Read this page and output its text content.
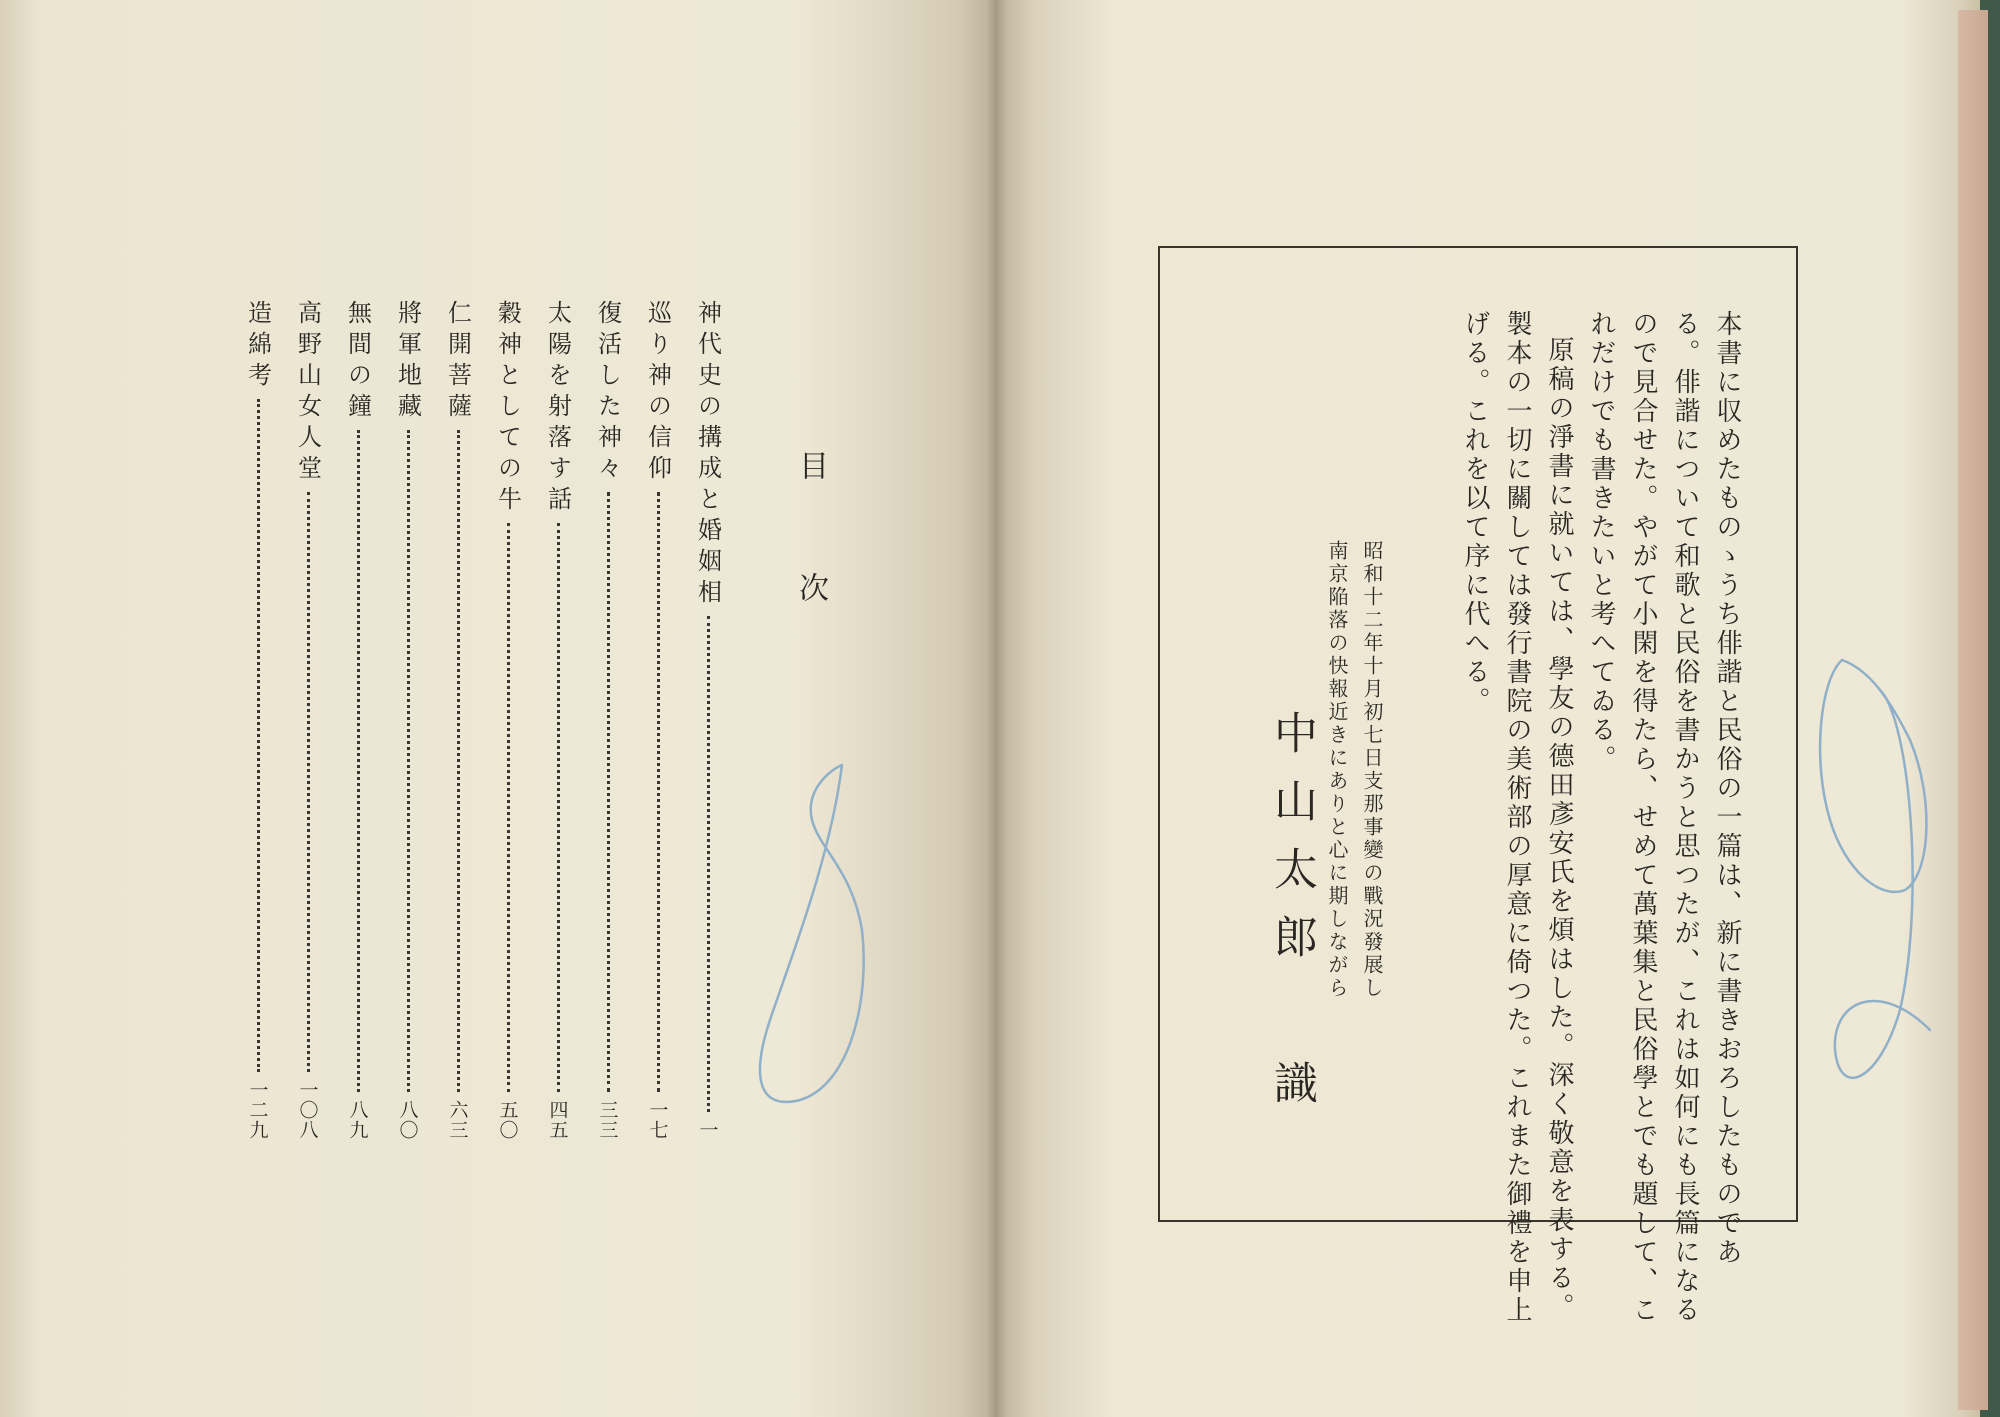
目次
神代史の搆成と婚姻相
一
巡り神の信仰
一七
復活した神々
三三
太陽を射落す話
四五
穀神としての牛
五〇
仁開菩薩
六三
將軍地藏
八〇
無間の鐘
八九
高野山女人堂
一〇八
造綿考
一二九	本書に収めたものゝうち俳諧と民俗の一篇は、新に書きおろしたものであ
る。俳諧について和歌と民俗を書かうと思つたが、これは如何にも長篇になる
ので見合せた。やがて小閑を得たら、せめて萬葉集と民俗學とでも題して、こ
れだけでも書きたいと考へてゐる。
原稿の淨書に就いては、學友の德田彥安氏を煩はした。深く敬意を表する。
製本の一切に關しては發行書院の美術部の厚意に倚つた。これまた御禮を申上
げる。これを以て序に代へる。
昭和十二年十月初七日支那事變の戰況發展し
南京陥落の快報近きにありと心に期しながら
中山太郎
識
